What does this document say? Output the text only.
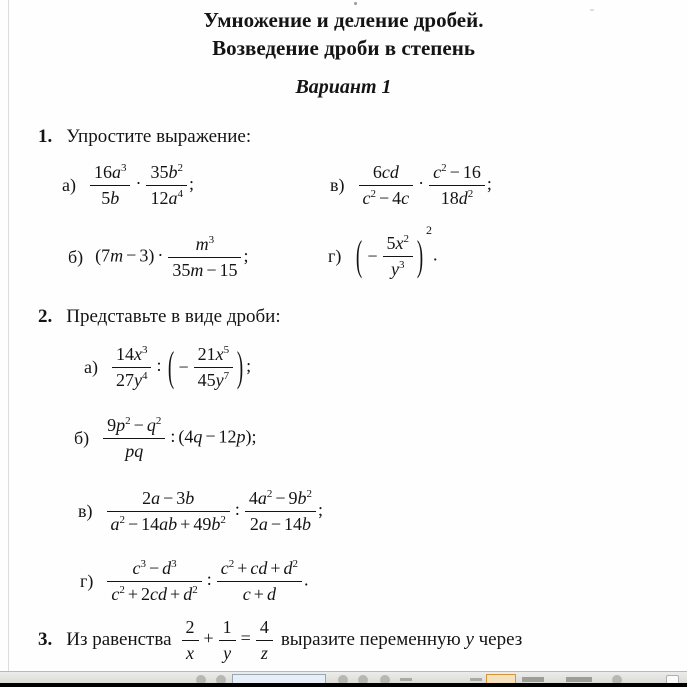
Умножение и деление дробей.
Возведение дроби в степень
Вариант 1
1. Упростите выражение:
$а) \frac{16a^3}{5b} \cdot \frac{35b^2}{12a^4}$ ;	$в) \frac{6cd}{c^2 - 4c} \cdot \frac{c^2 - 16}{18d^2}$ ;
б) $(7m - 3) \cdot \frac{m^3}{35m - 15}$ ;	г) ( − $\frac{5x^2}{y^3}$ )
2
.
2. Представьте в виде дроби:
$а) \frac{14x^3}{27y^4}$ : ( − $\frac{21x^5}{45y^7}$ ) ;
$б) \frac{9p^2 - q^2}{pq}$ : (4q − 12p);
$в) \frac{2a - 3b}{a^2 - 14ab + 49b^2}$ : $\frac{4a^2 - 9b^2}{2a - 14b}$ ;
$г) \frac{c^3 - d^3}{c^2 + 2cd + d^2}$ : $\frac{c^2 + cd + d^2}{c + d}$ .
3. Из равенства $\frac{2}{x} + \frac{1}{y} = \frac{4}{z}$ выразите переменную y через
